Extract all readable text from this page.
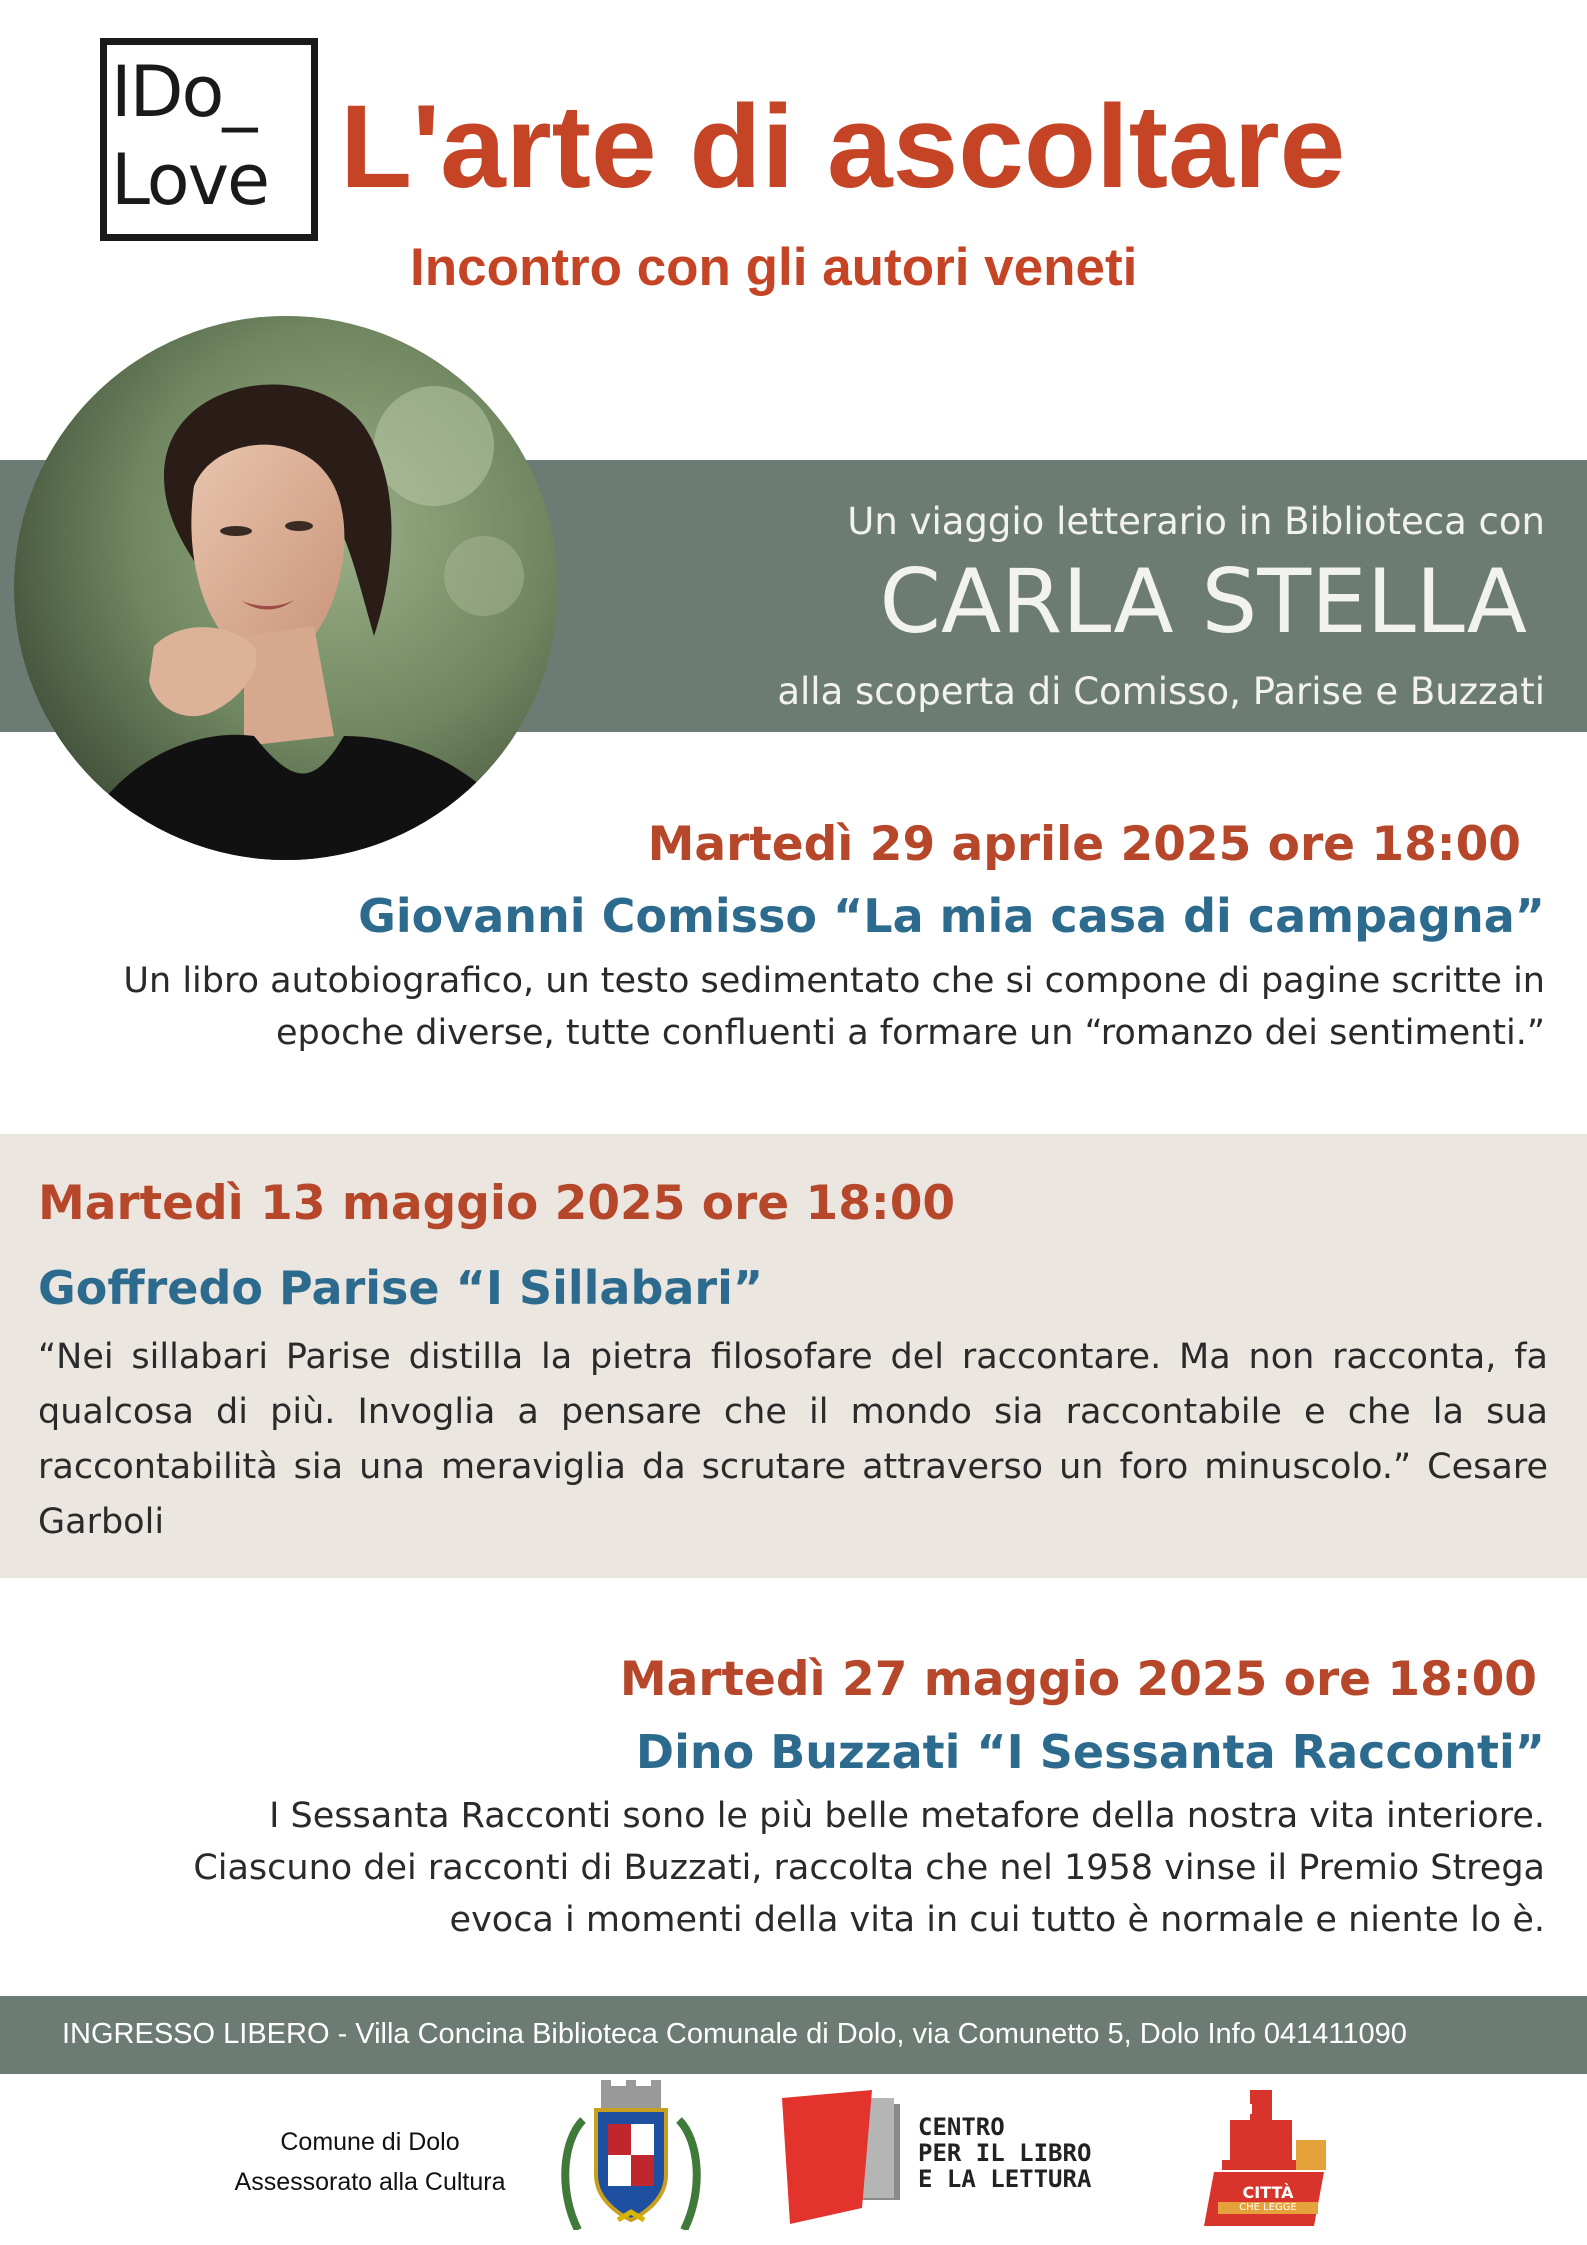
IDo_
Love L'arte di ascoltare
Incontro con gli autori veneti
Un viaggio letterario in Biblioteca con
CARLA STELLA
alla scoperta di Comisso, Parise e Buzzati
Martedì 29 aprile 2025 ore 18:00
Giovanni Comisso “La mia casa di campagna”
Un libro autobiografico, un testo sedimentato che si compone di pagine scritte in
epoche diverse, tutte confluenti a formare un “romanzo dei sentimenti.”
Martedì 13 maggio 2025 ore 18:00
Goffredo Parise “I Sillabari”
“Nei sillabari Parise distilla la pietra filosofare del raccontare. Ma non racconta, fa qualcosa di più. Invoglia a pensare che il mondo sia raccontabile e che la sua raccontabilità sia una meraviglia da scrutare attraverso un foro minuscolo.” Cesare Garboli
Martedì 27 maggio 2025 ore 18:00
Dino Buzzati “I Sessanta Racconti”
I Sessanta Racconti sono le più belle metafore della nostra vita interiore.
Ciascuno dei racconti di Buzzati, raccolta che nel 1958 vinse il Premio Strega
evoca i momenti della vita in cui tutto è normale e niente lo è.
INGRESSO LIBERO - Villa Concina Biblioteca Comunale di Dolo, via Comunetto 5, Dolo Info 041411090
Comune di Dolo
Assessorato alla Cultura
CENTRO
PER IL LIBRO
E LA LETTURA	CITTÀ
CHE LEGGE
